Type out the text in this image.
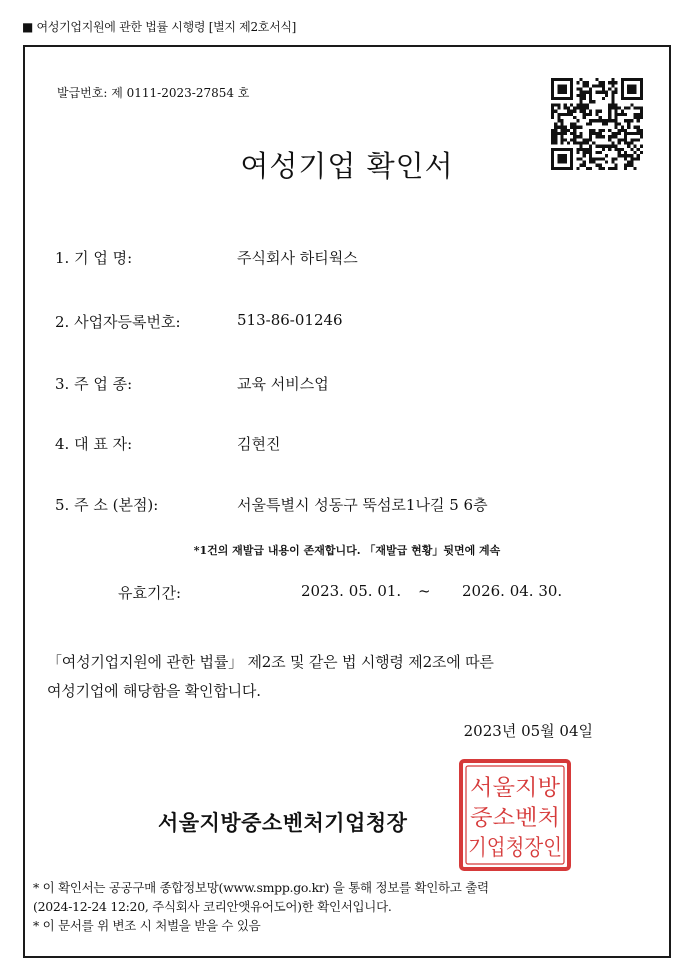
■ 여성기업지원에 관한 법률 시행령 [별지 제2호서식]
발급번호: 제 0111-2023-27854 호
여성기업 확인서
1. 기 업 명:	주식회사 하티웍스
2. 사업자등록번호:	513-86-01246
3. 주 업 종:	교육 서비스업
4. 대 표 자:	김현진
5. 주 소 (본점):	서울특별시 성동구 뚝섬로1나길 5 6층
*1건의 재발급 내용이 존재합니다. 「재발급 현황」뒷면에 계속
유효기간:	2023. 05. 01. ~ 2026. 04. 30.
「여성기업지원에 관한 법률」 제2조 및 같은 법 시행령 제2조에 따른
여성기업에 해당함을 확인합니다.
2023년 05월 04일
서울지방중소벤처기업청장
서울지방
중소벤처
기업청장인
* 이 확인서는 공공구매 종합정보망(www.smpp.go.kr) 을 통해 정보를 확인하고 출력
(2024-12-24 12:20, 주식회사 코리안앳유어도어)한 확인서입니다.
* 이 문서를 위 변조 시 처벌을 받을 수 있음
